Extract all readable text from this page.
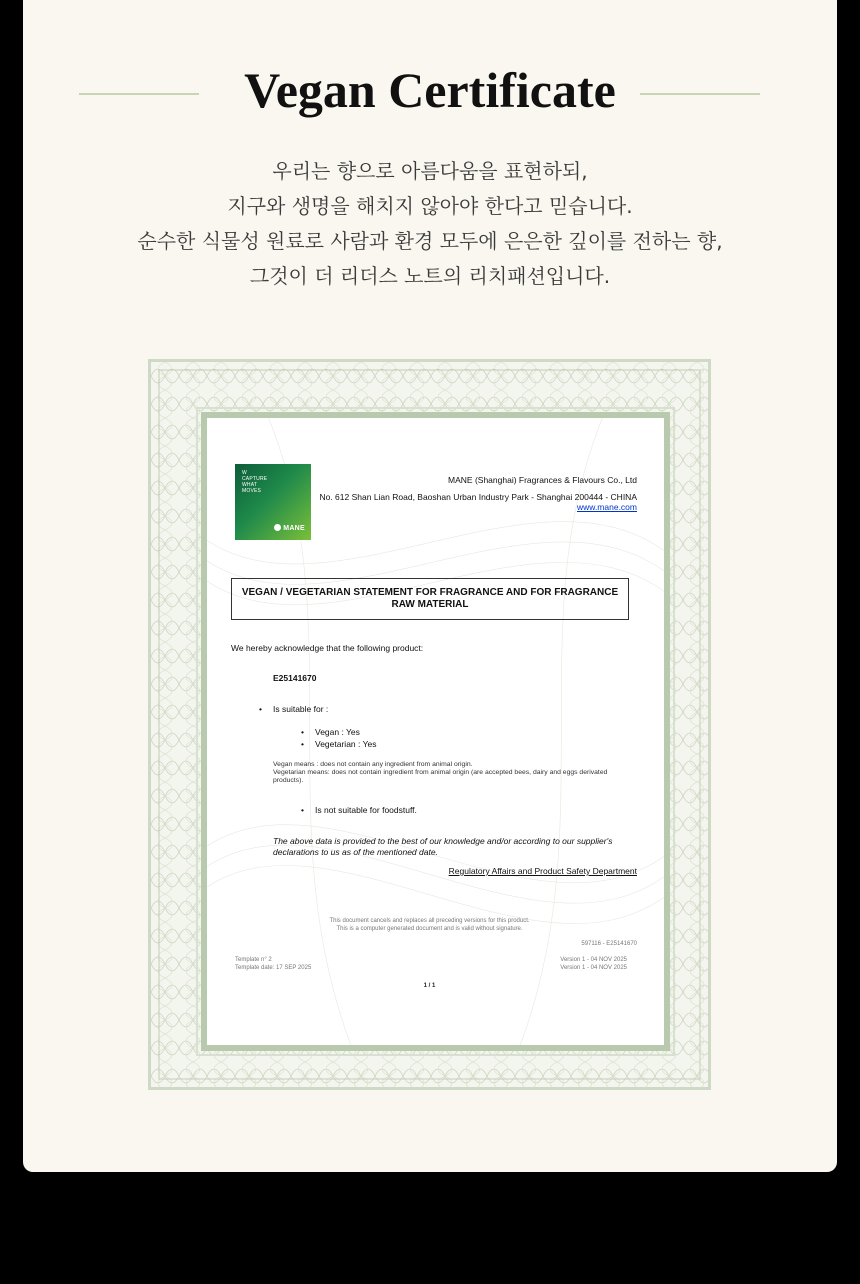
Vegan Certificate
우리는 향으로 아름다움을 표현하되,
지구와 생명을 해치지 않아야 한다고 믿습니다.
순수한 식물성 원료로 사람과 환경 모두에 은은한 깊이를 전하는 향,
그것이 더 리더스 노트의 리치패션입니다.
W
CAPTURE
WHAT
MOVES
MANE
MANE (Shanghai) Fragrances & Flavours Co., Ltd
No. 612 Shan Lian Road, Baoshan Urban Industry Park - Shanghai 200444 - CHINA
www.mane.com
VEGAN / VEGETARIAN STATEMENT FOR FRAGRANCE AND FOR FRAGRANCE RAW MATERIAL
We hereby acknowledge that the following product:
E25141670
• Is suitable for :
• Vegan : Yes
• Vegetarian : Yes
Vegan means : does not contain any ingredient from animal origin.
Vegetarian means: does not contain ingredient from animal origin (are accepted bees, dairy and eggs derivated products).
• Is not suitable for foodstuff.
The above data is provided to the best of our knowledge and/or according to our supplier's declarations to us as of the mentioned date.
Regulatory Affairs and Product Safety Department
This document cancels and replaces all preceding versions for this product.
This is a computer generated document and is valid without signature.
597116 - E25141670
Template n° 2
Template date: 17 SEP 2025
Version 1 - 04 NOV 2025
Version 1 - 04 NOV 2025
1 / 1
